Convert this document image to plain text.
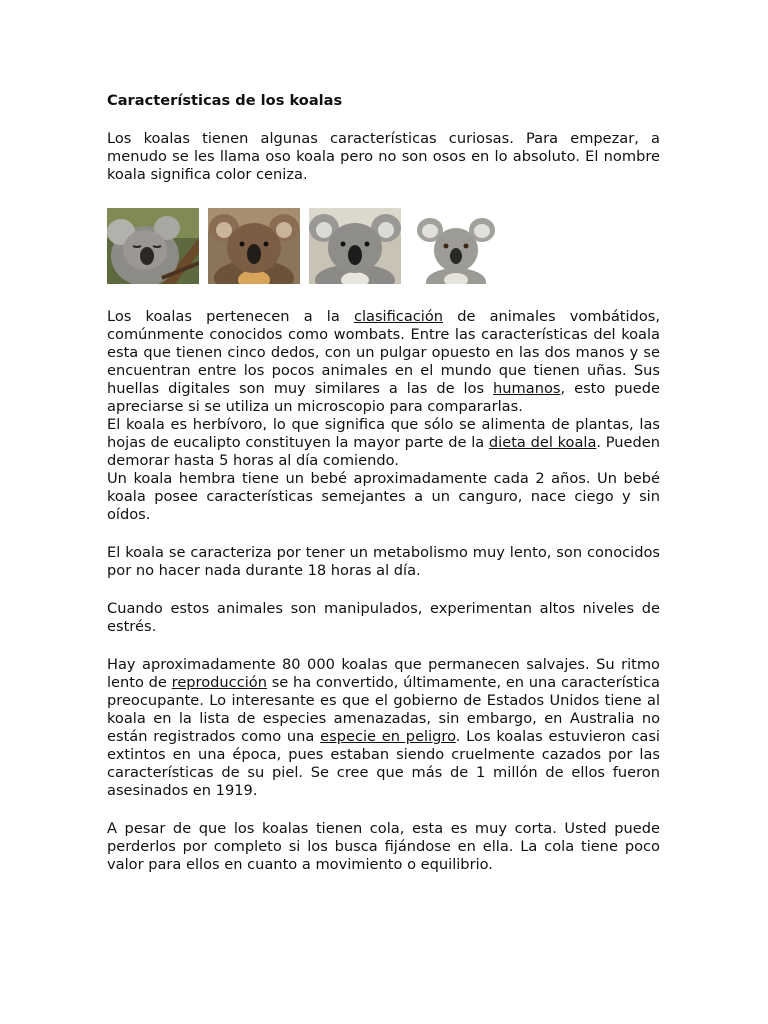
Características de los koalas

Los koalas tienen algunas características curiosas. Para empezar, a menudo se les llama oso koala pero no son osos en lo absoluto. El nombre koala significa color ceniza.

Los koalas pertenecen a la clasificación de animales vombátidos, comúnmente conocidos como wombats. Entre las características del koala esta que tienen cinco dedos, con un pulgar opuesto en las dos manos y se encuentran entre los pocos animales en el mundo que tienen uñas. Sus huellas digitales son muy similares a las de los humanos, esto puede apreciarse si se utiliza un microscopio para compararlas.

El koala es herbívoro, lo que significa que sólo se alimenta de plantas, las hojas de eucalipto constituyen la mayor parte de la dieta del koala. Pueden demorar hasta 5 horas al día comiendo.

Un koala hembra tiene un bebé aproximadamente cada 2 años. Un bebé koala posee características semejantes a un canguro, nace ciego y sin oídos.

El koala se caracteriza por tener un metabolismo muy lento, son conocidos por no hacer nada durante 18 horas al día.

Cuando estos animales son manipulados, experimentan altos niveles de estrés.

Hay aproximadamente 80 000 koalas que permanecen salvajes. Su ritmo lento de reproducción se ha convertido, últimamente, en una característica preocupante. Lo interesante es que el gobierno de Estados Unidos tiene al koala en la lista de especies amenazadas, sin embargo, en Australia no están registrados como una especie en peligro. Los koalas estuvieron casi extintos en una época, pues estaban siendo cruelmente cazados por las características de su piel. Se cree que más de 1 millón de ellos fueron asesinados en 1919.

A pesar de que los koalas tienen cola, esta es muy corta. Usted puede perderlos por completo si los busca fijándose en ella. La cola tiene poco valor para ellos en cuanto a movimiento o equilibrio.
